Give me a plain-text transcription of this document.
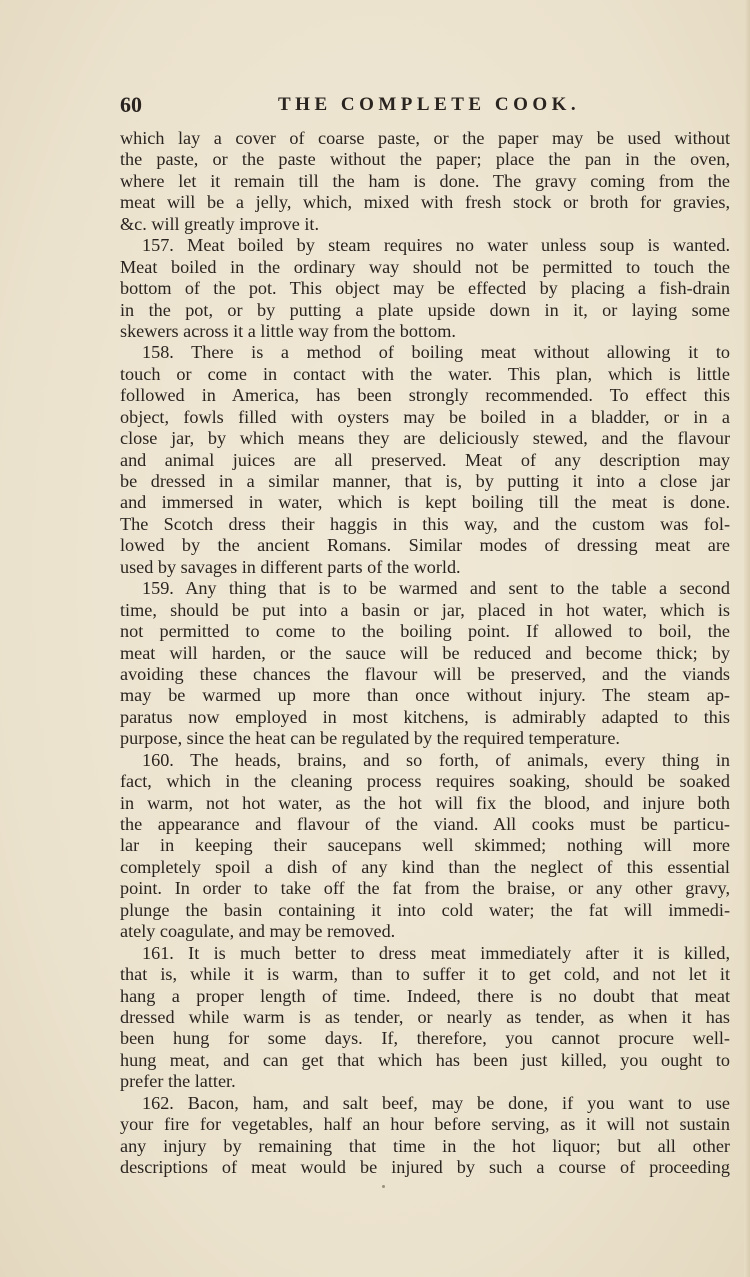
60	THE COMPLETE COOK.
which lay a cover of coarse paste, or the paper may be used without
the paste, or the paste without the paper; place the pan in the oven,
where let it remain till the ham is done. The gravy coming from the
meat will be a jelly, which, mixed with fresh stock or broth for gravies,
&c. will greatly improve it.
157. Meat boiled by steam requires no water unless soup is wanted.
Meat boiled in the ordinary way should not be permitted to touch the
bottom of the pot. This object may be effected by placing a fish-drain
in the pot, or by putting a plate upside down in it, or laying some
skewers across it a little way from the bottom.
158. There is a method of boiling meat without allowing it to
touch or come in contact with the water. This plan, which is little
followed in America, has been strongly recommended. To effect this
object, fowls filled with oysters may be boiled in a bladder, or in a
close jar, by which means they are deliciously stewed, and the flavour
and animal juices are all preserved. Meat of any description may
be dressed in a similar manner, that is, by putting it into a close jar
and immersed in water, which is kept boiling till the meat is done.
The Scotch dress their haggis in this way, and the custom was fol-
lowed by the ancient Romans. Similar modes of dressing meat are
used by savages in different parts of the world.
159. Any thing that is to be warmed and sent to the table a second
time, should be put into a basin or jar, placed in hot water, which is
not permitted to come to the boiling point. If allowed to boil, the
meat will harden, or the sauce will be reduced and become thick; by
avoiding these chances the flavour will be preserved, and the viands
may be warmed up more than once without injury. The steam ap-
paratus now employed in most kitchens, is admirably adapted to this
purpose, since the heat can be regulated by the required temperature.
160. The heads, brains, and so forth, of animals, every thing in
fact, which in the cleaning process requires soaking, should be soaked
in warm, not hot water, as the hot will fix the blood, and injure both
the appearance and flavour of the viand. All cooks must be particu-
lar in keeping their saucepans well skimmed; nothing will more
completely spoil a dish of any kind than the neglect of this essential
point. In order to take off the fat from the braise, or any other gravy,
plunge the basin containing it into cold water; the fat will immedi-
ately coagulate, and may be removed.
161. It is much better to dress meat immediately after it is killed,
that is, while it is warm, than to suffer it to get cold, and not let it
hang a proper length of time. Indeed, there is no doubt that meat
dressed while warm is as tender, or nearly as tender, as when it has
been hung for some days. If, therefore, you cannot procure well-
hung meat, and can get that which has been just killed, you ought to
prefer the latter.
162. Bacon, ham, and salt beef, may be done, if you want to use
your fire for vegetables, half an hour before serving, as it will not sustain
any injury by remaining that time in the hot liquor; but all other
descriptions of meat would be injured by such a course of proceeding
